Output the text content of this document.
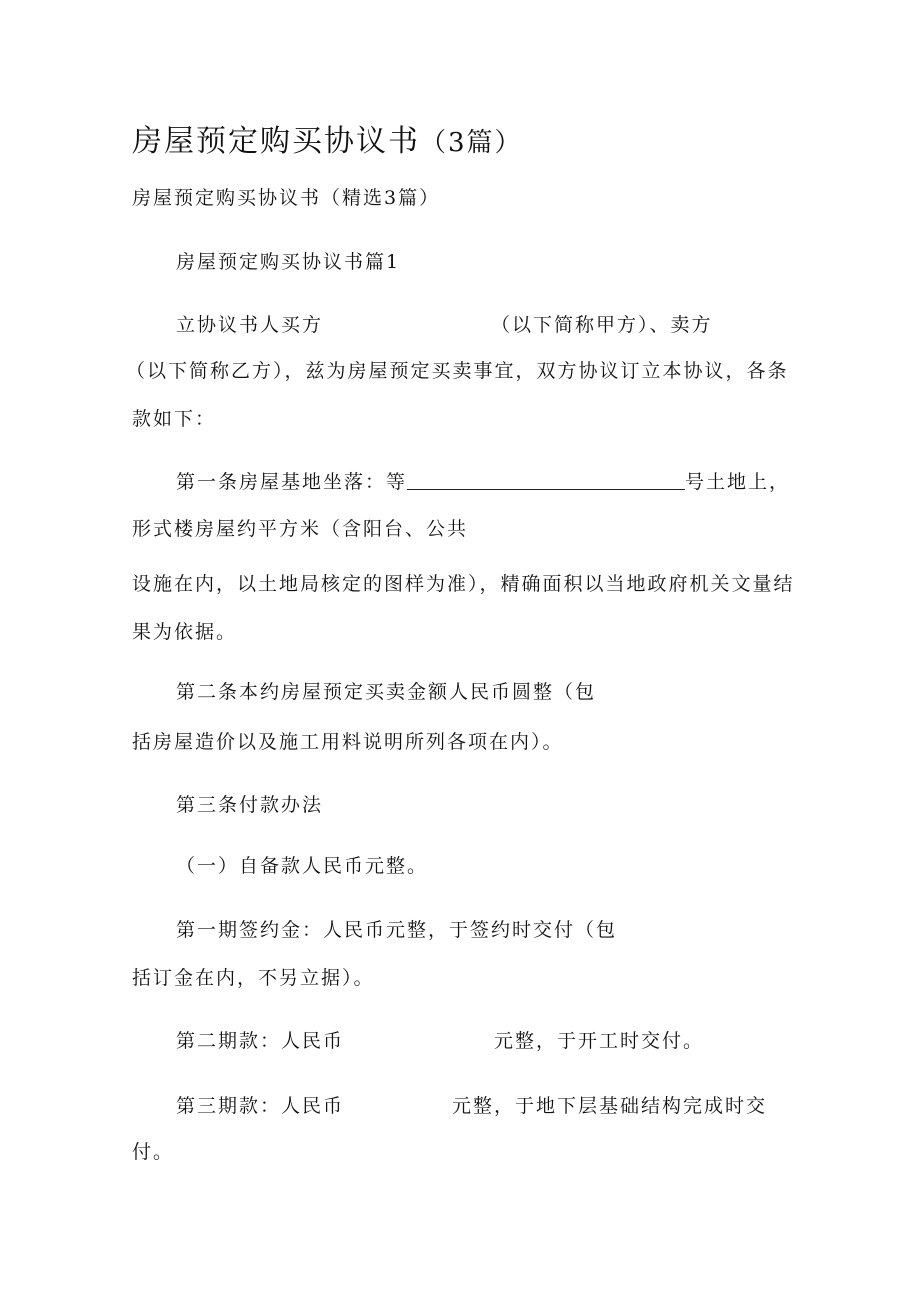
房屋预定购买协议书（3篇）
房屋预定购买协议书（精选3篇）
房屋预定购买协议书篇1
立协议书人买方	（以下简称甲方）、卖方
（以下简称乙方），兹为房屋预定买卖事宜，双方协议订立本协议，各条
款如下：
第一条房屋基地坐落：等	号土地上，
形式楼房屋约平方米（含阳台、公共
设施在内，以土地局核定的图样为准），精确面积以当地政府机关文量结
果为依据。
第二条本约房屋预定买卖金额人民币圆整（包
括房屋造价以及施工用料说明所列各项在内）。
第三条付款办法
（一）自备款人民币元整。
第一期签约金：人民币元整，于签约时交付（包
括订金在内，不另立据）。
第二期款：人民币	元整，于开工时交付。
第三期款：人民币	元整，于地下层基础结构完成时交
付。
